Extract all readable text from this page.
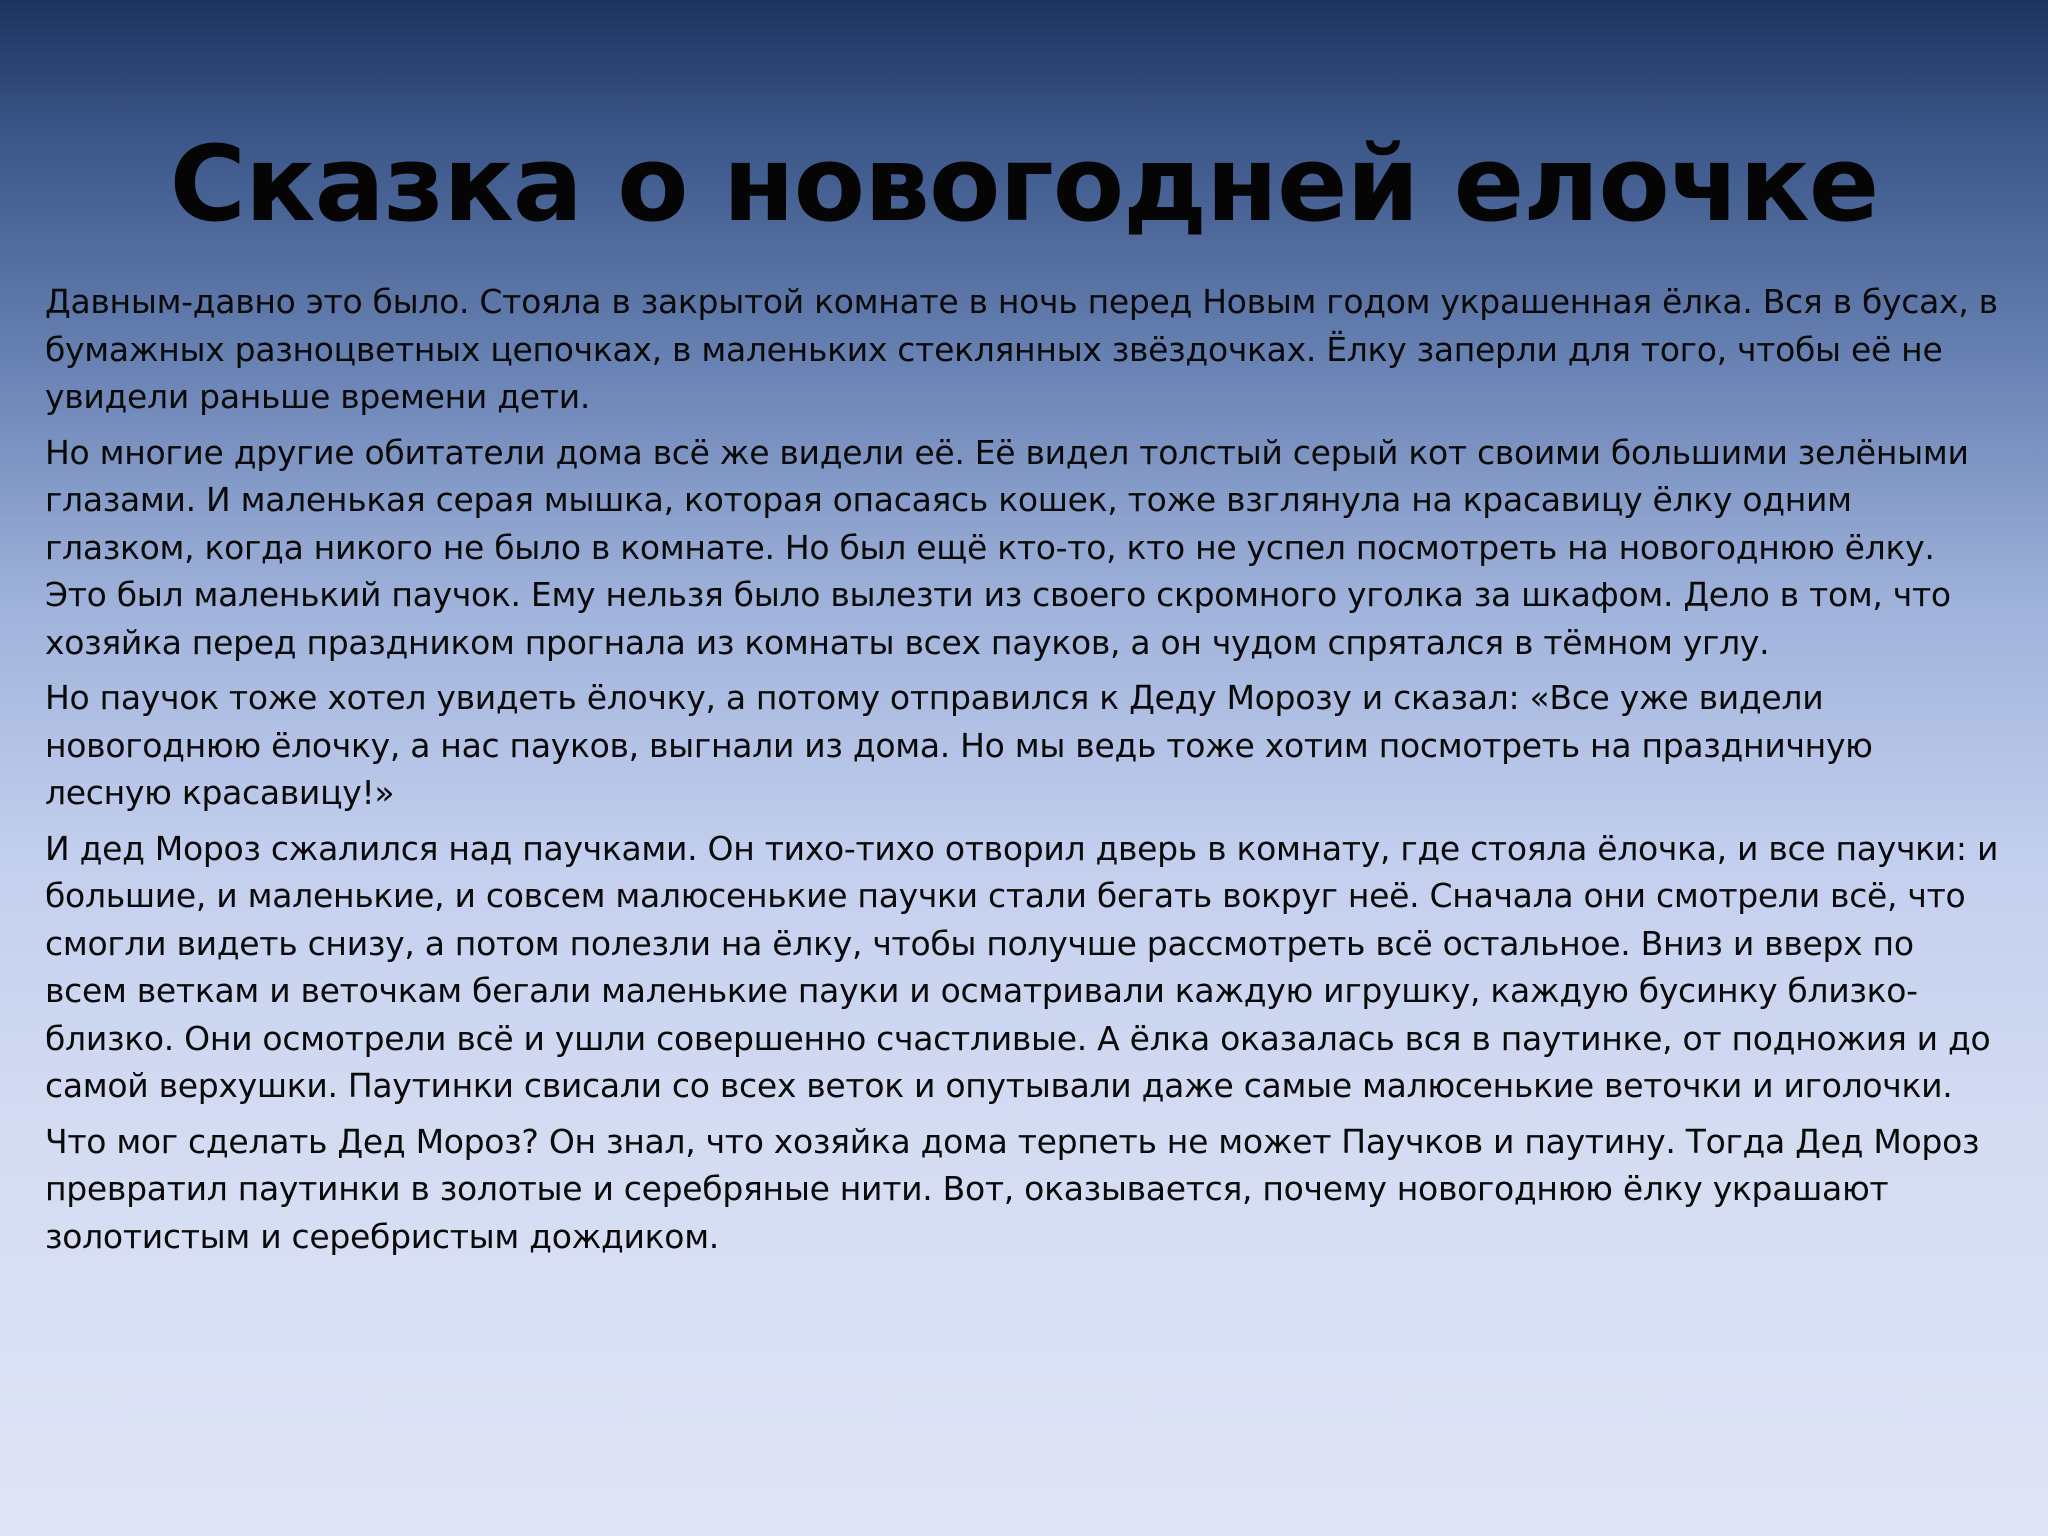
Сказка о новогодней елочке

Давным-давно это было. Стояла в закрытой комнате в ночь перед Новым годом украшенная ёлка. Вся в бусах, в бумажных разноцветных цепочках, в маленьких стеклянных звёздочках. Ёлку заперли для того, чтобы её не увидели раньше времени дети.

Но многие другие обитатели дома всё же видели её. Её видел толстый серый кот своими большими зелёными глазами. И маленькая серая мышка, которая опасаясь кошек, тоже взглянула на красавицу ёлку одним глазком, когда никого не было в комнате. Но был ещё кто-то, кто не успел посмотреть на новогоднюю ёлку. Это был маленький паучок. Ему нельзя было вылезти из своего скромного уголка за шкафом. Дело в том, что хозяйка перед праздником прогнала из комнаты всех пауков, а он чудом спрятался в тёмном углу.

Но паучок тоже хотел увидеть ёлочку, а потому отправился к Деду Морозу и сказал: «Все уже видели новогоднюю ёлочку, а нас пауков, выгнали из дома. Но мы ведь тоже хотим посмотреть на праздничную лесную красавицу!»

И дед Мороз сжалился над паучками. Он тихо-тихо отворил дверь в комнату, где стояла ёлочка, и все паучки: и большие, и маленькие, и совсем малюсенькие паучки стали бегать вокруг неё. Сначала они смотрели всё, что смогли видеть снизу, а потом полезли на ёлку, чтобы получше рассмотреть всё остальное. Вниз и вверх по всем веткам и веточкам бегали маленькие пауки и осматривали каждую игрушку, каждую бусинку близко-близко. Они осмотрели всё и ушли совершенно счастливые. А ёлка оказалась вся в паутинке, от подножия и до самой верхушки. Паутинки свисали со всех веток и опутывали даже самые малюсенькие веточки и иголочки.

Что мог сделать Дед Мороз? Он знал, что хозяйка дома терпеть не может Паучков и паутину. Тогда Дед Мороз превратил паутинки в золотые и серебряные нити. Вот, оказывается, почему новогоднюю ёлку украшают золотистым и серебристым дождиком.
